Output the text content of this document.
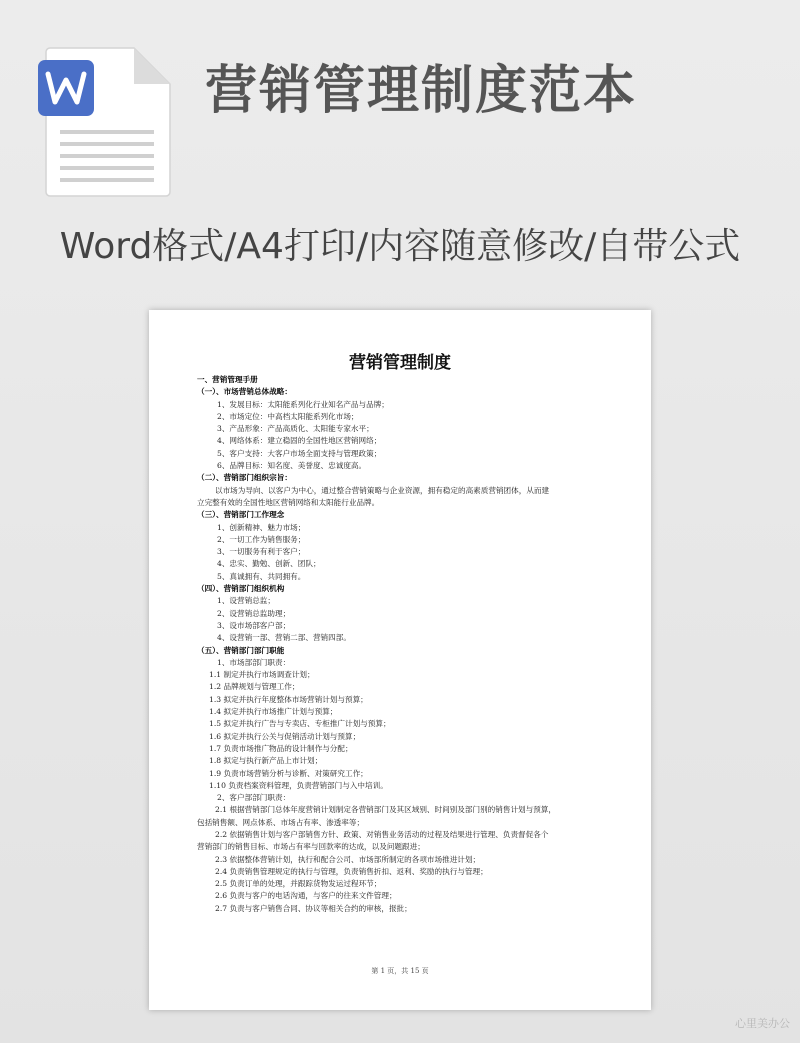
营销管理制度范本
Word格式/A4打印/内容随意修改/自带公式
营销管理制度
一、营销管理手册
（一）、市场营销总体战略：
1、发展目标：太阳能系列化行业知名产品与品牌；
2、市场定位：中高档太阳能系列化市场；
3、产品形象：产品高质化、太阳能专家水平；
4、网络体系：建立稳固的全国性地区营销网络；
5、客户支持：大客户市场全面支持与管理政策；
6、品牌目标：知名度、美誉度、忠诚度高。
（二）、营销部门组织宗旨：
以市场为导向、以客户为中心，通过整合营销策略与企业资源，拥有稳定的高素质营销团体，从而建
立完整有效的全国性地区营销网络和太阳能行业品牌。
（三）、营销部门工作理念
1、创新精神、魅力市场；
2、一切工作为销售服务；
3、一切服务有利于客户；
4、忠实、勤勉、创新、团队；
5、真诚拥有、共同拥有。
（四）、营销部门组织机构
1、设营销总监；
2、设营销总监助理；
3、设市场部客户部；
4、设营销一部、营销二部、营销四部。
（五）、营销部门部门职能
1、市场部部门职责：
1.1 制定并执行市场调查计划；
1.2 品牌规划与管理工作；
1.3 拟定并执行年度整体市场营销计划与预算；
1.4 拟定并执行市场推广计划与预算；
1.5 拟定并执行广告与专卖店、专柜推广计划与预算；
1.6 拟定并执行公关与促销活动计划与预算；
1.7 负责市场推广物品的设计制作与分配；
1.8 拟定与执行新产品上市计划；
1.9 负责市场营销分析与诊断、对策研究工作；
1.10 负责档案资料管理，负责营销部门与入中培训。
2、客户部部门职责：
2.1 根据营销部门总体年度营销计划制定各营销部门及其区域别、时间别及部门别的销售计划与预算，
包括销售额、网点体系、市场占有率、渗透率等；
2.2 依据销售计划与客户部销售方针、政策、对销售业务活动的过程及结果进行管理、负责督促各个
营销部门的销售目标、市场占有率与回款率的达成，以及问题跟进；
2.3 依据整体营销计划，执行和配合公司、市场部所制定的各项市场推进计划；
2.4 负责销售管理规定的执行与管理，负责销售折扣、返利、奖励的执行与管理；
2.5 负责订单的处理，并跟踪货物发运过程环节；
2.6 负责与客户的电话沟通，与客户的往来文件管理；
2.7 负责与客户销售合同、协议等相关合约的审核，报批；
第 1 页，共 15 页
心里美办公
